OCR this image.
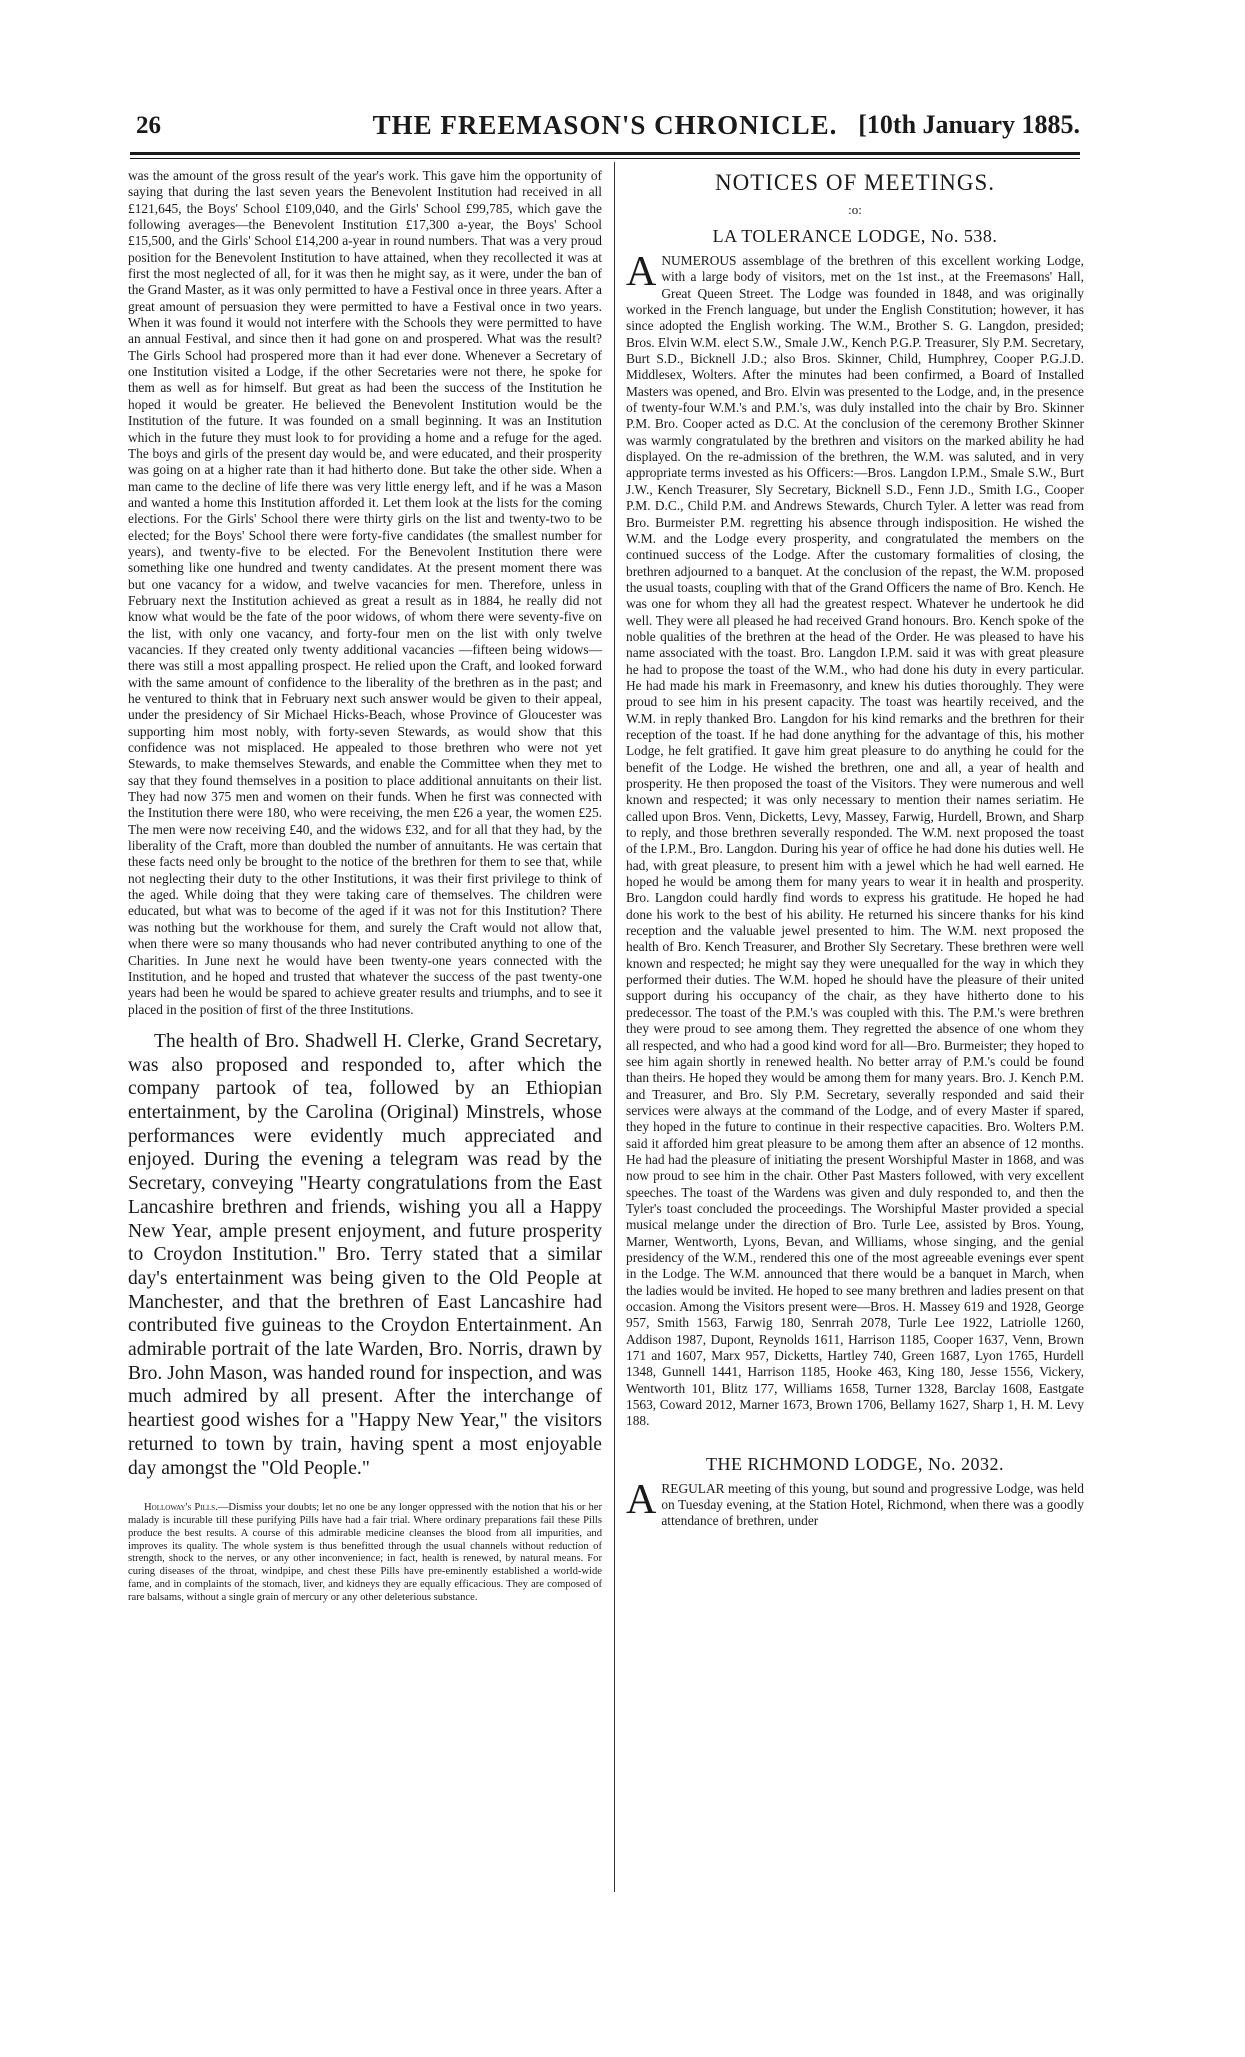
26	THE FREEMASON'S CHRONICLE. [10th January 1885.

was the amount of the gross result of the year's work. This gave him the opportunity of saying that during the last seven years the Benevolent Institution had received in all £121,645, the Boys' School £109,040, and the Girls' School £99,785, which gave the following averages—the Benevolent Institution £17,300 a-year, the Boys' School £15,500, and the Girls' School £14,200 a-year in round numbers. That was a very proud position for the Benevolent Institution to have attained, when they recollected it was at first the most neglected of all, for it was then he might say, as it were, under the ban of the Grand Master, as it was only permitted to have a Festival once in three years. After a great amount of persuasion they were permitted to have a Festival once in two years. When it was found it would not interfere with the Schools they were permitted to have an annual Festival, and since then it had gone on and prospered. What was the result? The Girls School had prospered more than it had ever done. Whenever a Secretary of one Institution visited a Lodge, if the other Secretaries were not there, he spoke for them as well as for himself. But great as had been the success of the Institution he hoped it would be greater. He believed the Benevolent Institution would be the Institution of the future. It was founded on a small beginning. It was an Institution which in the future they must look to for providing a home and a refuge for the aged. The boys and girls of the present day would be, and were educated, and their prosperity was going on at a higher rate than it had hitherto done. But take the other side. When a man came to the decline of life there was very little energy left, and if he was a Mason and wanted a home this Institution afforded it. Let them look at the lists for the coming elections. For the Girls' School there were thirty girls on the list and twenty-two to be elected; for the Boys' School there were forty-five candidates (the smallest number for years), and twenty-five to be elected. For the Benevolent Institution there were something like one hundred and twenty candidates. At the present moment there was but one vacancy for a widow, and twelve vacancies for men. Therefore, unless in February next the Institution achieved as great a result as in 1884, he really did not know what would be the fate of the poor widows, of whom there were seventy-five on the list, with only one vacancy, and forty-four men on the list with only twelve vacancies. If they created only twenty additional vacancies —fifteen being widows—there was still a most appalling prospect. He relied upon the Craft, and looked forward with the same amount of confidence to the liberality of the brethren as in the past; and he ventured to think that in February next such answer would be given to their appeal, under the presidency of Sir Michael Hicks-Beach, whose Province of Gloucester was supporting him most nobly, with forty-seven Stewards, as would show that this confidence was not misplaced. He appealed to those brethren who were not yet Stewards, to make themselves Stewards, and enable the Committee when they met to say that they found themselves in a position to place additional annuitants on their list. They had now 375 men and women on their funds. When he first was connected with the Institution there were 180, who were receiving, the men £26 a year, the women £25. The men were now receiving £40, and the widows £32, and for all that they had, by the liberality of the Craft, more than doubled the number of annuitants. He was certain that these facts need only be brought to the notice of the brethren for them to see that, while not neglecting their duty to the other Institutions, it was their first privilege to think of the aged. While doing that they were taking care of themselves. The children were educated, but what was to become of the aged if it was not for this Institution? There was nothing but the workhouse for them, and surely the Craft would not allow that, when there were so many thousands who had never contributed anything to one of the Charities. In June next he would have been twenty-one years connected with the Institution, and he hoped and trusted that whatever the success of the past twenty-one years had been he would be spared to achieve greater results and triumphs, and to see it placed in the position of first of the three Institutions.

The health of Bro. Shadwell H. Clerke, Grand Secretary, was also proposed and responded to, after which the company partook of tea, followed by an Ethiopian entertainment, by the Carolina (Original) Minstrels, whose performances were evidently much appreciated and enjoyed. During the evening a telegram was read by the Secretary, conveying "Hearty congratulations from the East Lancashire brethren and friends, wishing you all a Happy New Year, ample present enjoyment, and future prosperity to Croydon Institution." Bro. Terry stated that a similar day's entertainment was being given to the Old People at Manchester, and that the brethren of East Lancashire had contributed five guineas to the Croydon Entertainment. An admirable portrait of the late Warden, Bro. Norris, drawn by Bro. John Mason, was handed round for inspection, and was much admired by all present. After the interchange of heartiest good wishes for a "Happy New Year," the visitors returned to town by train, having spent a most enjoyable day amongst the "Old People."

Holloway's Pills.—Dismiss your doubts; let no one be any longer oppressed with the notion that his or her malady is incurable till these purifying Pills have had a fair trial. Where ordinary preparations fail these Pills produce the best results. A course of this admirable medicine cleanses the blood from all impurities, and improves its quality. The whole system is thus benefitted through the usual channels without reduction of strength, shock to the nerves, or any other inconvenience; in fact, health is renewed, by natural means. For curing diseases of the throat, windpipe, and chest these Pills have pre-eminently established a world-wide fame, and in complaints of the stomach, liver, and kidneys they are equally efficacious. They are composed of rare balsams, without a single grain of mercury or any other deleterious substance.

NOTICES OF MEETINGS.
:o:
LA TOLERANCE LODGE, No. 538.

ANUMEROUS assemblage of the brethren of this excellent working Lodge, with a large body of visitors, met on the 1st inst., at the Freemasons' Hall, Great Queen Street. The Lodge was founded in 1848, and was originally worked in the French language, but under the English Constitution; however, it has since adopted the English working. The W.M., Brother S. G. Langdon, presided; Bros. Elvin W.M. elect S.W., Smale J.W., Kench P.G.P. Treasurer, Sly P.M. Secretary, Burt S.D., Bicknell J.D.; also Bros. Skinner, Child, Humphrey, Cooper P.G.J.D. Middlesex, Wolters. After the minutes had been confirmed, a Board of Installed Masters was opened, and Bro. Elvin was presented to the Lodge, and, in the presence of twenty-four W.M.'s and P.M.'s, was duly installed into the chair by Bro. Skinner P.M. Bro. Cooper acted as D.C. At the conclusion of the ceremony Brother Skinner was warmly congratulated by the brethren and visitors on the marked ability he had displayed. On the re-admission of the brethren, the W.M. was saluted, and in very appropriate terms invested as his Officers:—Bros. Langdon I.P.M., Smale S.W., Burt J.W., Kench Treasurer, Sly Secretary, Bicknell S.D., Fenn J.D., Smith I.G., Cooper P.M. D.C., Child P.M. and Andrews Stewards, Church Tyler. A letter was read from Bro. Burmeister P.M. regretting his absence through indisposition. He wished the W.M. and the Lodge every prosperity, and congratulated the members on the continued success of the Lodge. After the customary formalities of closing, the brethren adjourned to a banquet. At the conclusion of the repast, the W.M. proposed the usual toasts, coupling with that of the Grand Officers the name of Bro. Kench. He was one for whom they all had the greatest respect. Whatever he undertook he did well. They were all pleased he had received Grand honours. Bro. Kench spoke of the noble qualities of the brethren at the head of the Order. He was pleased to have his name associated with the toast. Bro. Langdon I.P.M. said it was with great pleasure he had to propose the toast of the W.M., who had done his duty in every particular. He had made his mark in Freemasonry, and knew his duties thoroughly. They were proud to see him in his present capacity. The toast was heartily received, and the W.M. in reply thanked Bro. Langdon for his kind remarks and the brethren for their reception of the toast. If he had done anything for the advantage of this, his mother Lodge, he felt gratified. It gave him great pleasure to do anything he could for the benefit of the Lodge. He wished the brethren, one and all, a year of health and prosperity. He then proposed the toast of the Visitors. They were numerous and well known and respected; it was only necessary to mention their names seriatim. He called upon Bros. Venn, Dicketts, Levy, Massey, Farwig, Hurdell, Brown, and Sharp to reply, and those brethren severally responded. The W.M. next proposed the toast of the I.P.M., Bro. Langdon. During his year of office he had done his duties well. He had, with great pleasure, to present him with a jewel which he had well earned. He hoped he would be among them for many years to wear it in health and prosperity. Bro. Langdon could hardly find words to express his gratitude. He hoped he had done his work to the best of his ability. He returned his sincere thanks for his kind reception and the valuable jewel presented to him. The W.M. next proposed the health of Bro. Kench Treasurer, and Brother Sly Secretary. These brethren were well known and respected; he might say they were unequalled for the way in which they performed their duties. The W.M. hoped he should have the pleasure of their united support during his occupancy of the chair, as they have hitherto done to his predecessor. The toast of the P.M.'s was coupled with this. The P.M.'s were brethren they were proud to see among them. They regretted the absence of one whom they all respected, and who had a good kind word for all—Bro. Burmeister; they hoped to see him again shortly in renewed health. No better array of P.M.'s could be found than theirs. He hoped they would be among them for many years. Bro. J. Kench P.M. and Treasurer, and Bro. Sly P.M. Secretary, severally responded and said their services were always at the command of the Lodge, and of every Master if spared, they hoped in the future to continue in their respective capacities. Bro. Wolters P.M. said it afforded him great pleasure to be among them after an absence of 12 months. He had had the pleasure of initiating the present Worshipful Master in 1868, and was now proud to see him in the chair. Other Past Masters followed, with very excellent speeches. The toast of the Wardens was given and duly responded to, and then the Tyler's toast concluded the proceedings. The Worshipful Master provided a special musical melange under the direction of Bro. Turle Lee, assisted by Bros. Young, Marner, Wentworth, Lyons, Bevan, and Williams, whose singing, and the genial presidency of the W.M., rendered this one of the most agreeable evenings ever spent in the Lodge. The W.M. announced that there would be a banquet in March, when the ladies would be invited. He hoped to see many brethren and ladies present on that occasion. Among the Visitors present were—Bros. H. Massey 619 and 1928, George 957, Smith 1563, Farwig 180, Senrrah 2078, Turle Lee 1922, Latriolle 1260, Addison 1987, Dupont, Reynolds 1611, Harrison 1185, Cooper 1637, Venn, Brown 171 and 1607, Marx 957, Dicketts, Hartley 740, Green 1687, Lyon 1765, Hurdell 1348, Gunnell 1441, Harrison 1185, Hooke 463, King 180, Jesse 1556, Vickery, Wentworth 101, Blitz 177, Williams 1658, Turner 1328, Barclay 1608, Eastgate 1563, Coward 2012, Marner 1673, Brown 1706, Bellamy 1627, Sharp 1, H. M. Levy 188.

THE RICHMOND LODGE, No. 2032.

AREGULAR meeting of this young, but sound and progressive Lodge, was held on Tuesday evening, at the Station Hotel, Richmond, when there was a goodly attendance of brethren, under
